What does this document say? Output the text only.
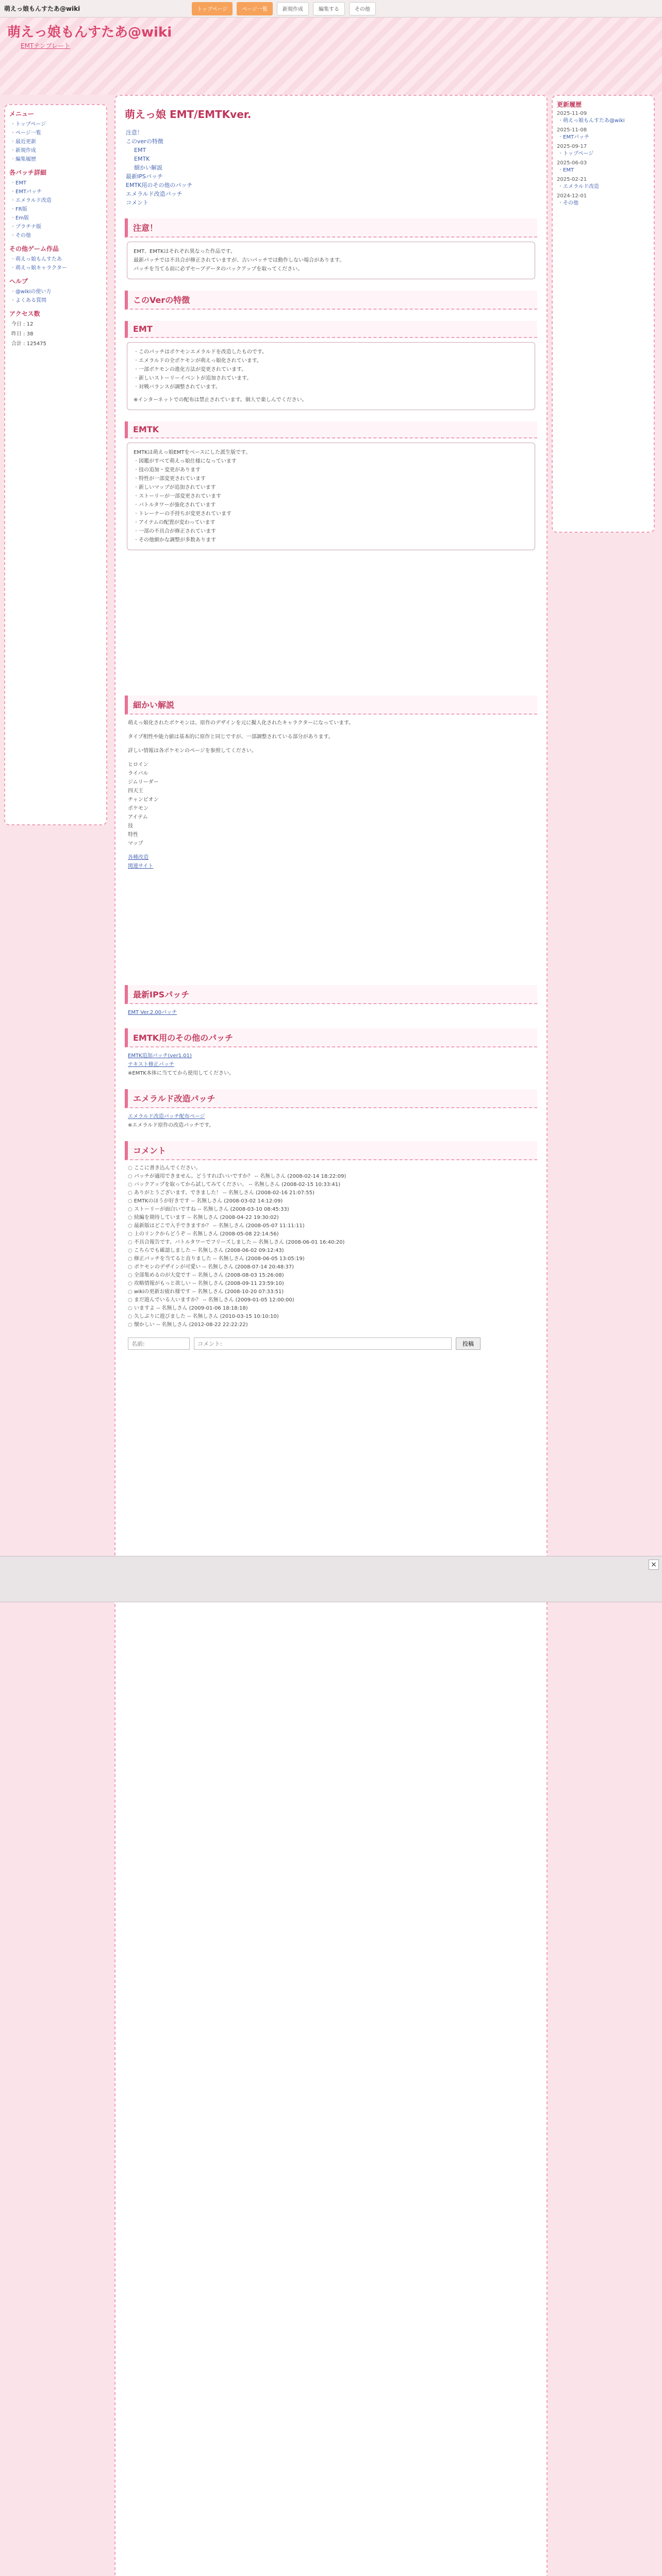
萌えっ娘もんすたあ@wiki	トップページ	ページ一覧	新規作成	編集する	その他
萌えっ娘もんすたあ@wiki
EMTテンプレート
メニュー
・ トップページ
・ ページ一覧
・ 最近更新
・ 新規作成
・ 編集履歴
各バッチ詳細
・ EMT
・ EMTパッチ
・ エメラルド改造
・ FR版
・ Em版
・ プラチナ版
・ その他
その他ゲーム作品
・ 萌えっ娘もんすたあ
・ 萌えっ娘キャラクター
ヘルプ
・ @wikiの使い方
・ よくある質問
アクセス数
今日 : 12
昨日 : 38
合計 : 125475
更新履歴
2025-11-09
・ 萌えっ娘もんすたあ@wiki
2025-11-08
・ EMTパッチ
2025-09-17
・ トップページ
2025-06-03
・ EMT
2025-02-21
・ エメラルド改造
2024-12-01
・ その他
萌えっ娘 EMT/EMTKver.
注意！
このverの特徴
EMT
EMTK
細かい解説
最新IPSパッチ
EMTK用のその他のパッチ
エメラルド改造パッチ
コメント
注意！
EMT、EMTKはそれぞれ異なった作品です。
最新パッチでは不具合が修正されていますが、古いパッチでは動作しない場合があります。
パッチを当てる前に必ずセーブデータのバックアップを取ってください。
このVerの特徴
EMT
・ このパッチはポケモンエメラルドを改造したものです。
・ エメラルドの全ポケモンが萌えっ娘化されています。
・ 一部ポケモンの進化方法が変更されています。
・ 新しいストーリーイベントが追加されています。
・ 対戦バランスが調整されています。
※インターネットでの配布は禁止されています。個人で楽しんでください。
EMTK
EMTKは萌えっ娘EMTをベースにした派生版です。
・ 図鑑がすべて萌えっ娘仕様になっています
・ 技の追加・変更があります
・ 特性が一部変更されています
・ 新しいマップが追加されています
・ ストーリーが一部変更されています
・ バトルタワーが強化されています
・ トレーナーの手持ちが変更されています
・ アイテムの配置が変わっています
・ 一部の不具合が修正されています
・ その他細かな調整が多数あります
細かい解説
萌えっ娘化されたポケモンは、原作のデザインを元に擬人化されたキャラクターになっています。
タイプ相性や能力値は基本的に原作と同じですが、一部調整されている部分があります。
詳しい情報は各ポケモンのページを参照してください。
ヒロイン
ライバル
ジムリーダー
四天王
チャンピオン
ポケモン
アイテム
技
特性
マップ
各種改造
関連サイト
最新IPSパッチ
EMT Ver.2.00パッチ
EMTK用のその他のパッチ
EMTK追加パッチ(ver1.01)
テキスト修正パッチ
※EMTK本体に当ててから使用してください。
エメラルド改造パッチ
エメラルド改造パッチ配布ページ
※エメラルド原作の改造パッチです。
コメント
○ ここに書き込んでください。
○ パッチが適用できません。どうすればいいですか？ -- 名無しさん (2008-02-14 18:22:09)
○ バックアップを取ってから試してみてください。 -- 名無しさん (2008-02-15 10:33:41)
○ ありがとうございます、できました！ -- 名無しさん (2008-02-16 21:07:55)
○ EMTKのほうが好きです -- 名無しさん (2008-03-02 14:12:09)
○ ストーリーが面白いですね -- 名無しさん (2008-03-10 08:45:33)
○ 続編を期待しています -- 名無しさん (2008-04-22 19:30:02)
○ 最新版はどこで入手できますか？ -- 名無しさん (2008-05-07 11:11:11)
○ 上のリンクからどうぞ -- 名無しさん (2008-05-08 22:14:56)
○ 不具合報告です。バトルタワーでフリーズしました -- 名無しさん (2008-06-01 16:40:20)
○ こちらでも確認しました -- 名無しさん (2008-06-02 09:12:43)
○ 修正パッチを当てると直りました -- 名無しさん (2008-06-05 13:05:19)
○ ポケモンのデザインが可愛い -- 名無しさん (2008-07-14 20:48:37)
○ 全部集めるのが大変です -- 名無しさん (2008-08-03 15:26:08)
○ 攻略情報がもっと欲しい -- 名無しさん (2008-09-11 23:59:10)
○ wikiの更新お疲れ様です -- 名無しさん (2008-10-20 07:33:51)
○ まだ遊んでいる人いますか？ -- 名無しさん (2009-01-05 12:00:00)
○ いますよ -- 名無しさん (2009-01-06 18:18:18)
○ 久しぶりに遊びました -- 名無しさん (2010-03-15 10:10:10)
○ 懐かしい -- 名無しさん (2012-08-22 22:22:22)
名前:
コメント:
投稿
×
